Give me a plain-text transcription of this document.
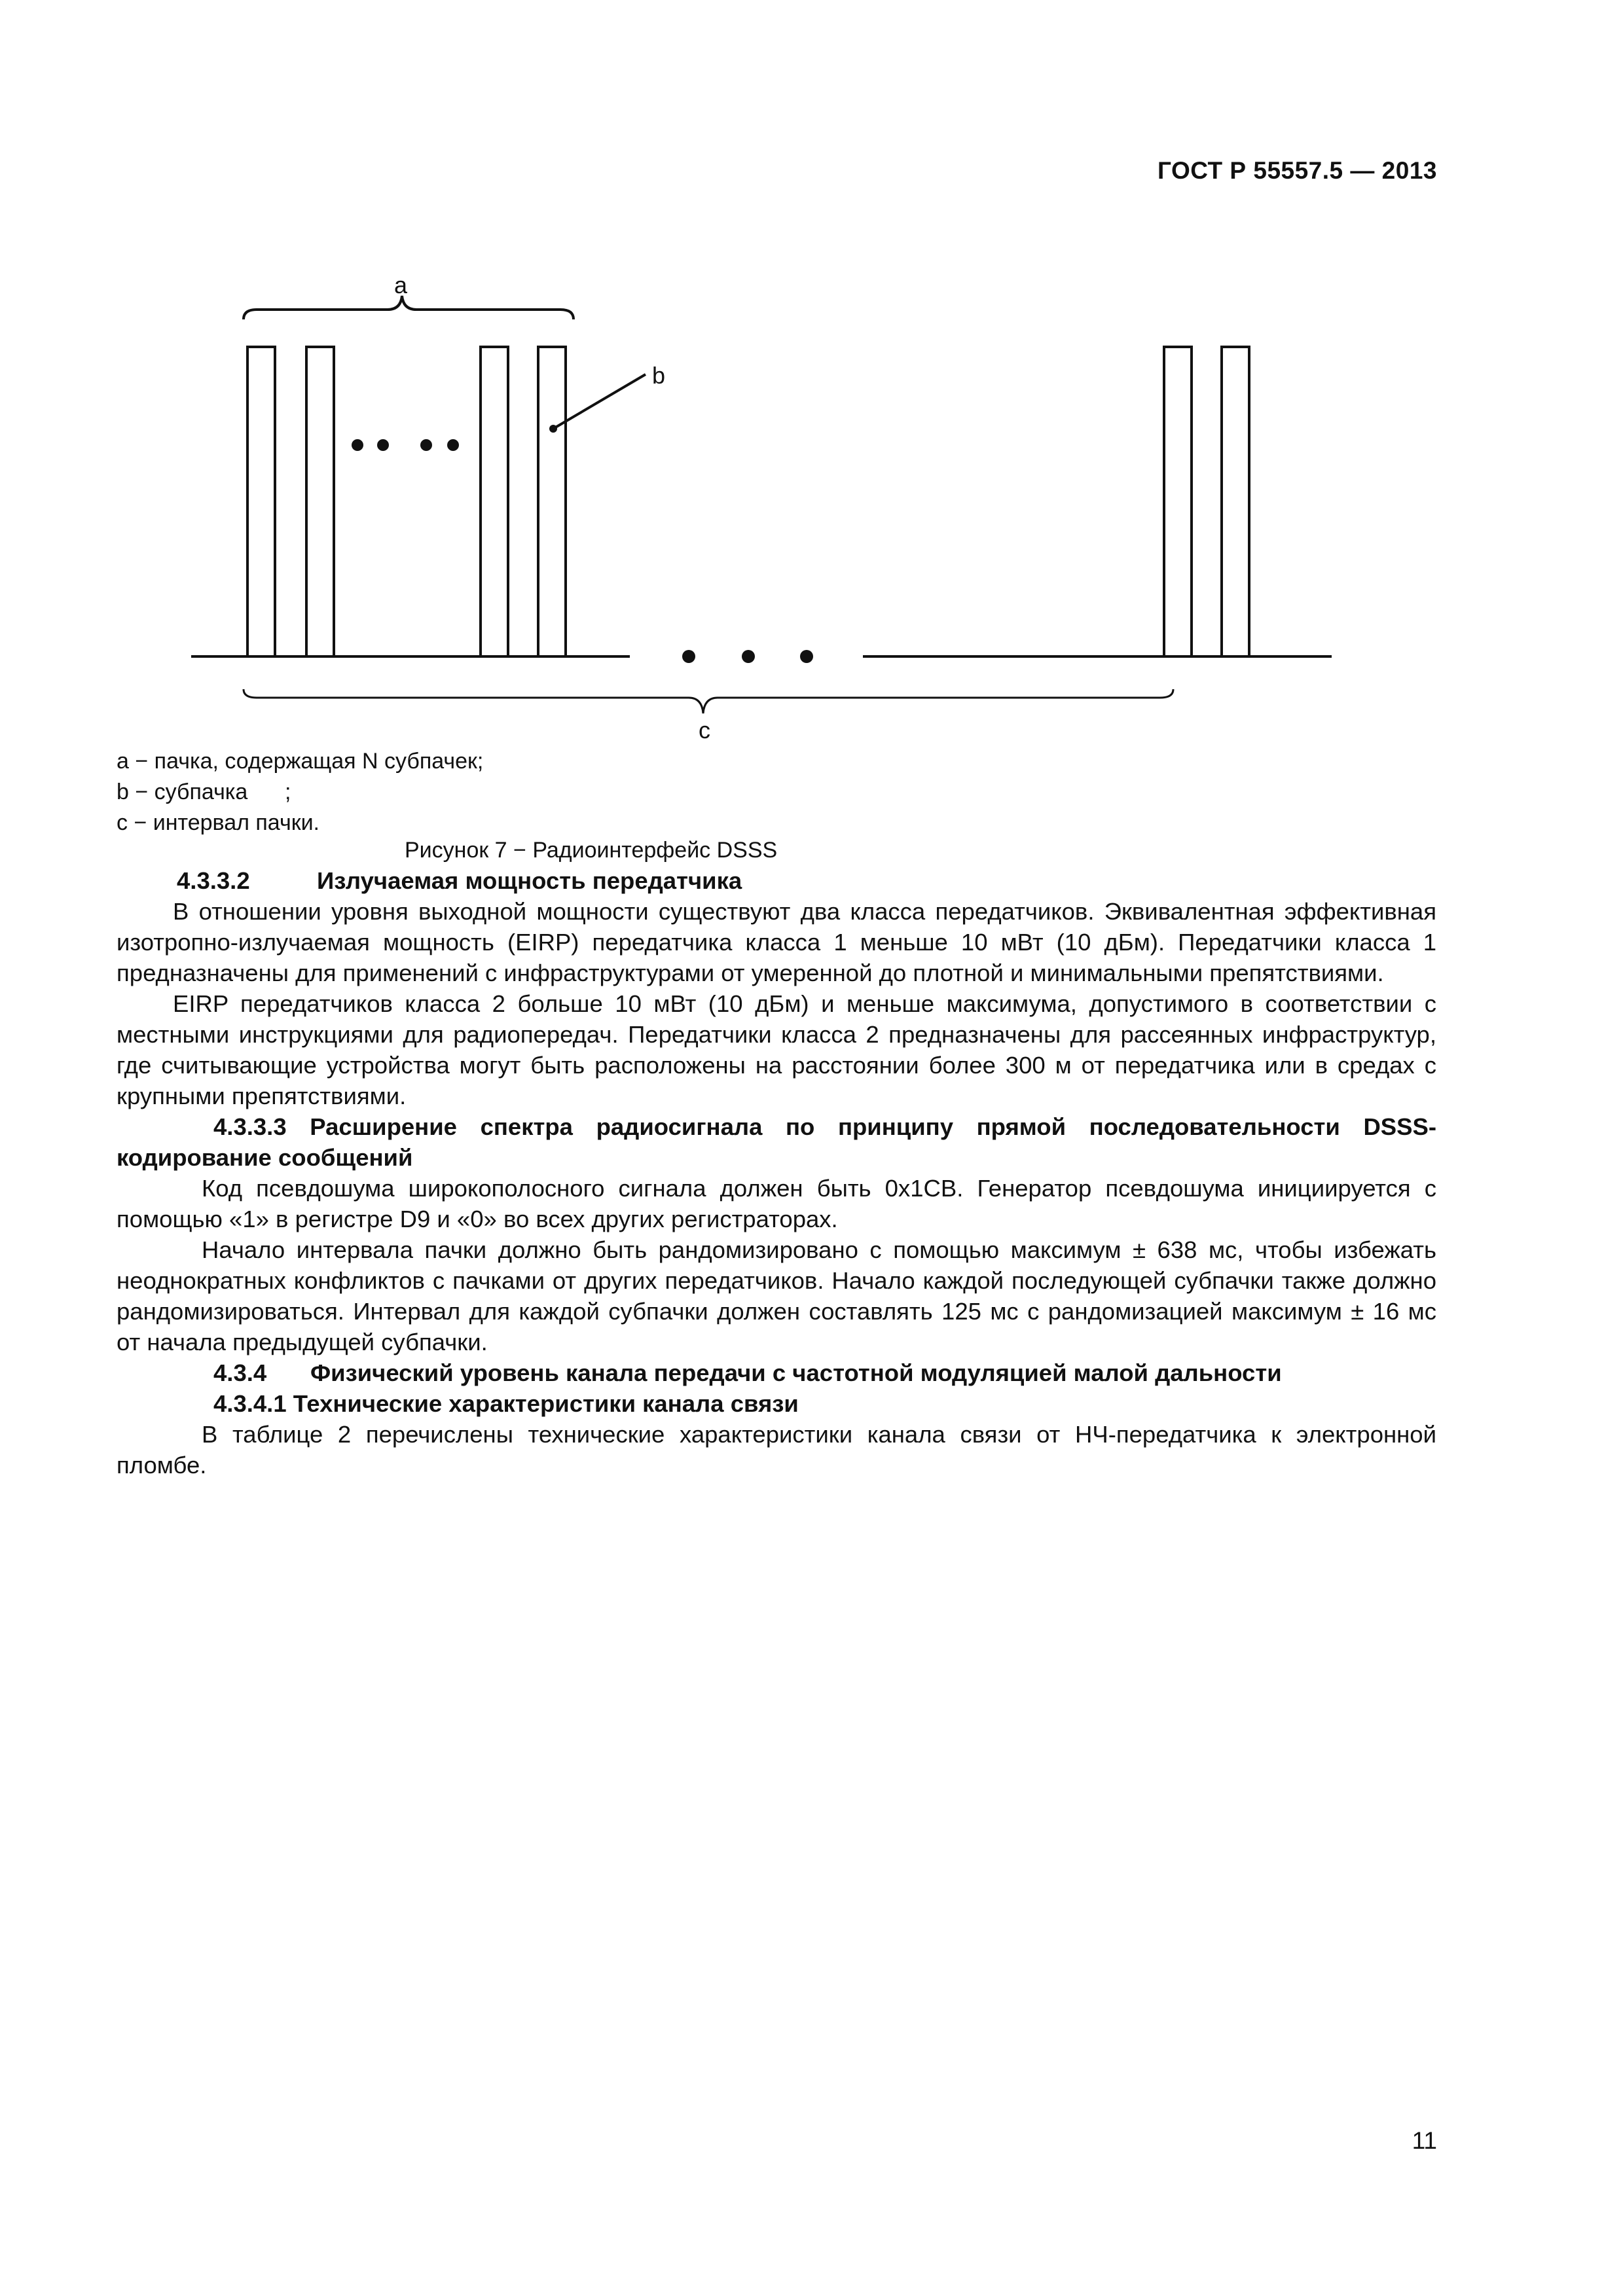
ГОСТ Р 55557.5 — 2013
a
b
c
a − пачка, содержащая N субпачек;
b − субпачка      ;
c − интервал пачки.
Рисунок 7 − Радиоинтерфейс DSSS

4.3.3.2	Излучаемая мощность передатчика

В отношении уровня выходной мощности существуют два класса передатчиков. Эквивалентная эффективная изотропно-излучаемая мощность (EIRP) передатчика класса 1 меньше 10 мВт (10 дБм). Передатчики класса 1 предназначены для применений с инфраструктурами от умеренной до плотной и минимальными препятствиями.

EIRP передатчиков класса 2 больше 10 мВт (10 дБм) и меньше максимума, допустимого в соответствии с местными инструкциями для радиопередач. Передатчики класса 2 предназначены для рассеянных инфраструктур, где считывающие устройства могут быть расположены на расстоянии более 300 м от передатчика или в средах с крупными препятствиями.

4.3.3.3 Расширение спектра радиосигнала по принципу прямой последовательности DSSS-кодирование сообщений

Код псевдошума широкополосного сигнала должен быть 0x1CB. Генератор псевдошума инициируется с помощью «1» в регистре D9 и «0» во всех других регистраторах.

Начало интервала пачки должно быть рандомизировано с помощью максимум ± 638 мс, чтобы избежать неоднократных конфликтов с пачками от других передатчиков. Начало каждой последующей субпачки также должно рандомизироваться. Интервал для каждой субпачки должен составлять 125 мс с рандомизацией максимум ± 16 мс от начала предыдущей субпачки.

4.3.4 Физический уровень канала передачи с частотной модуляцией малой дальности

4.3.4.1 Технические характеристики канала связи

В таблице 2 перечислены технические характеристики канала связи от НЧ-передатчика к электронной пломбе.

11
